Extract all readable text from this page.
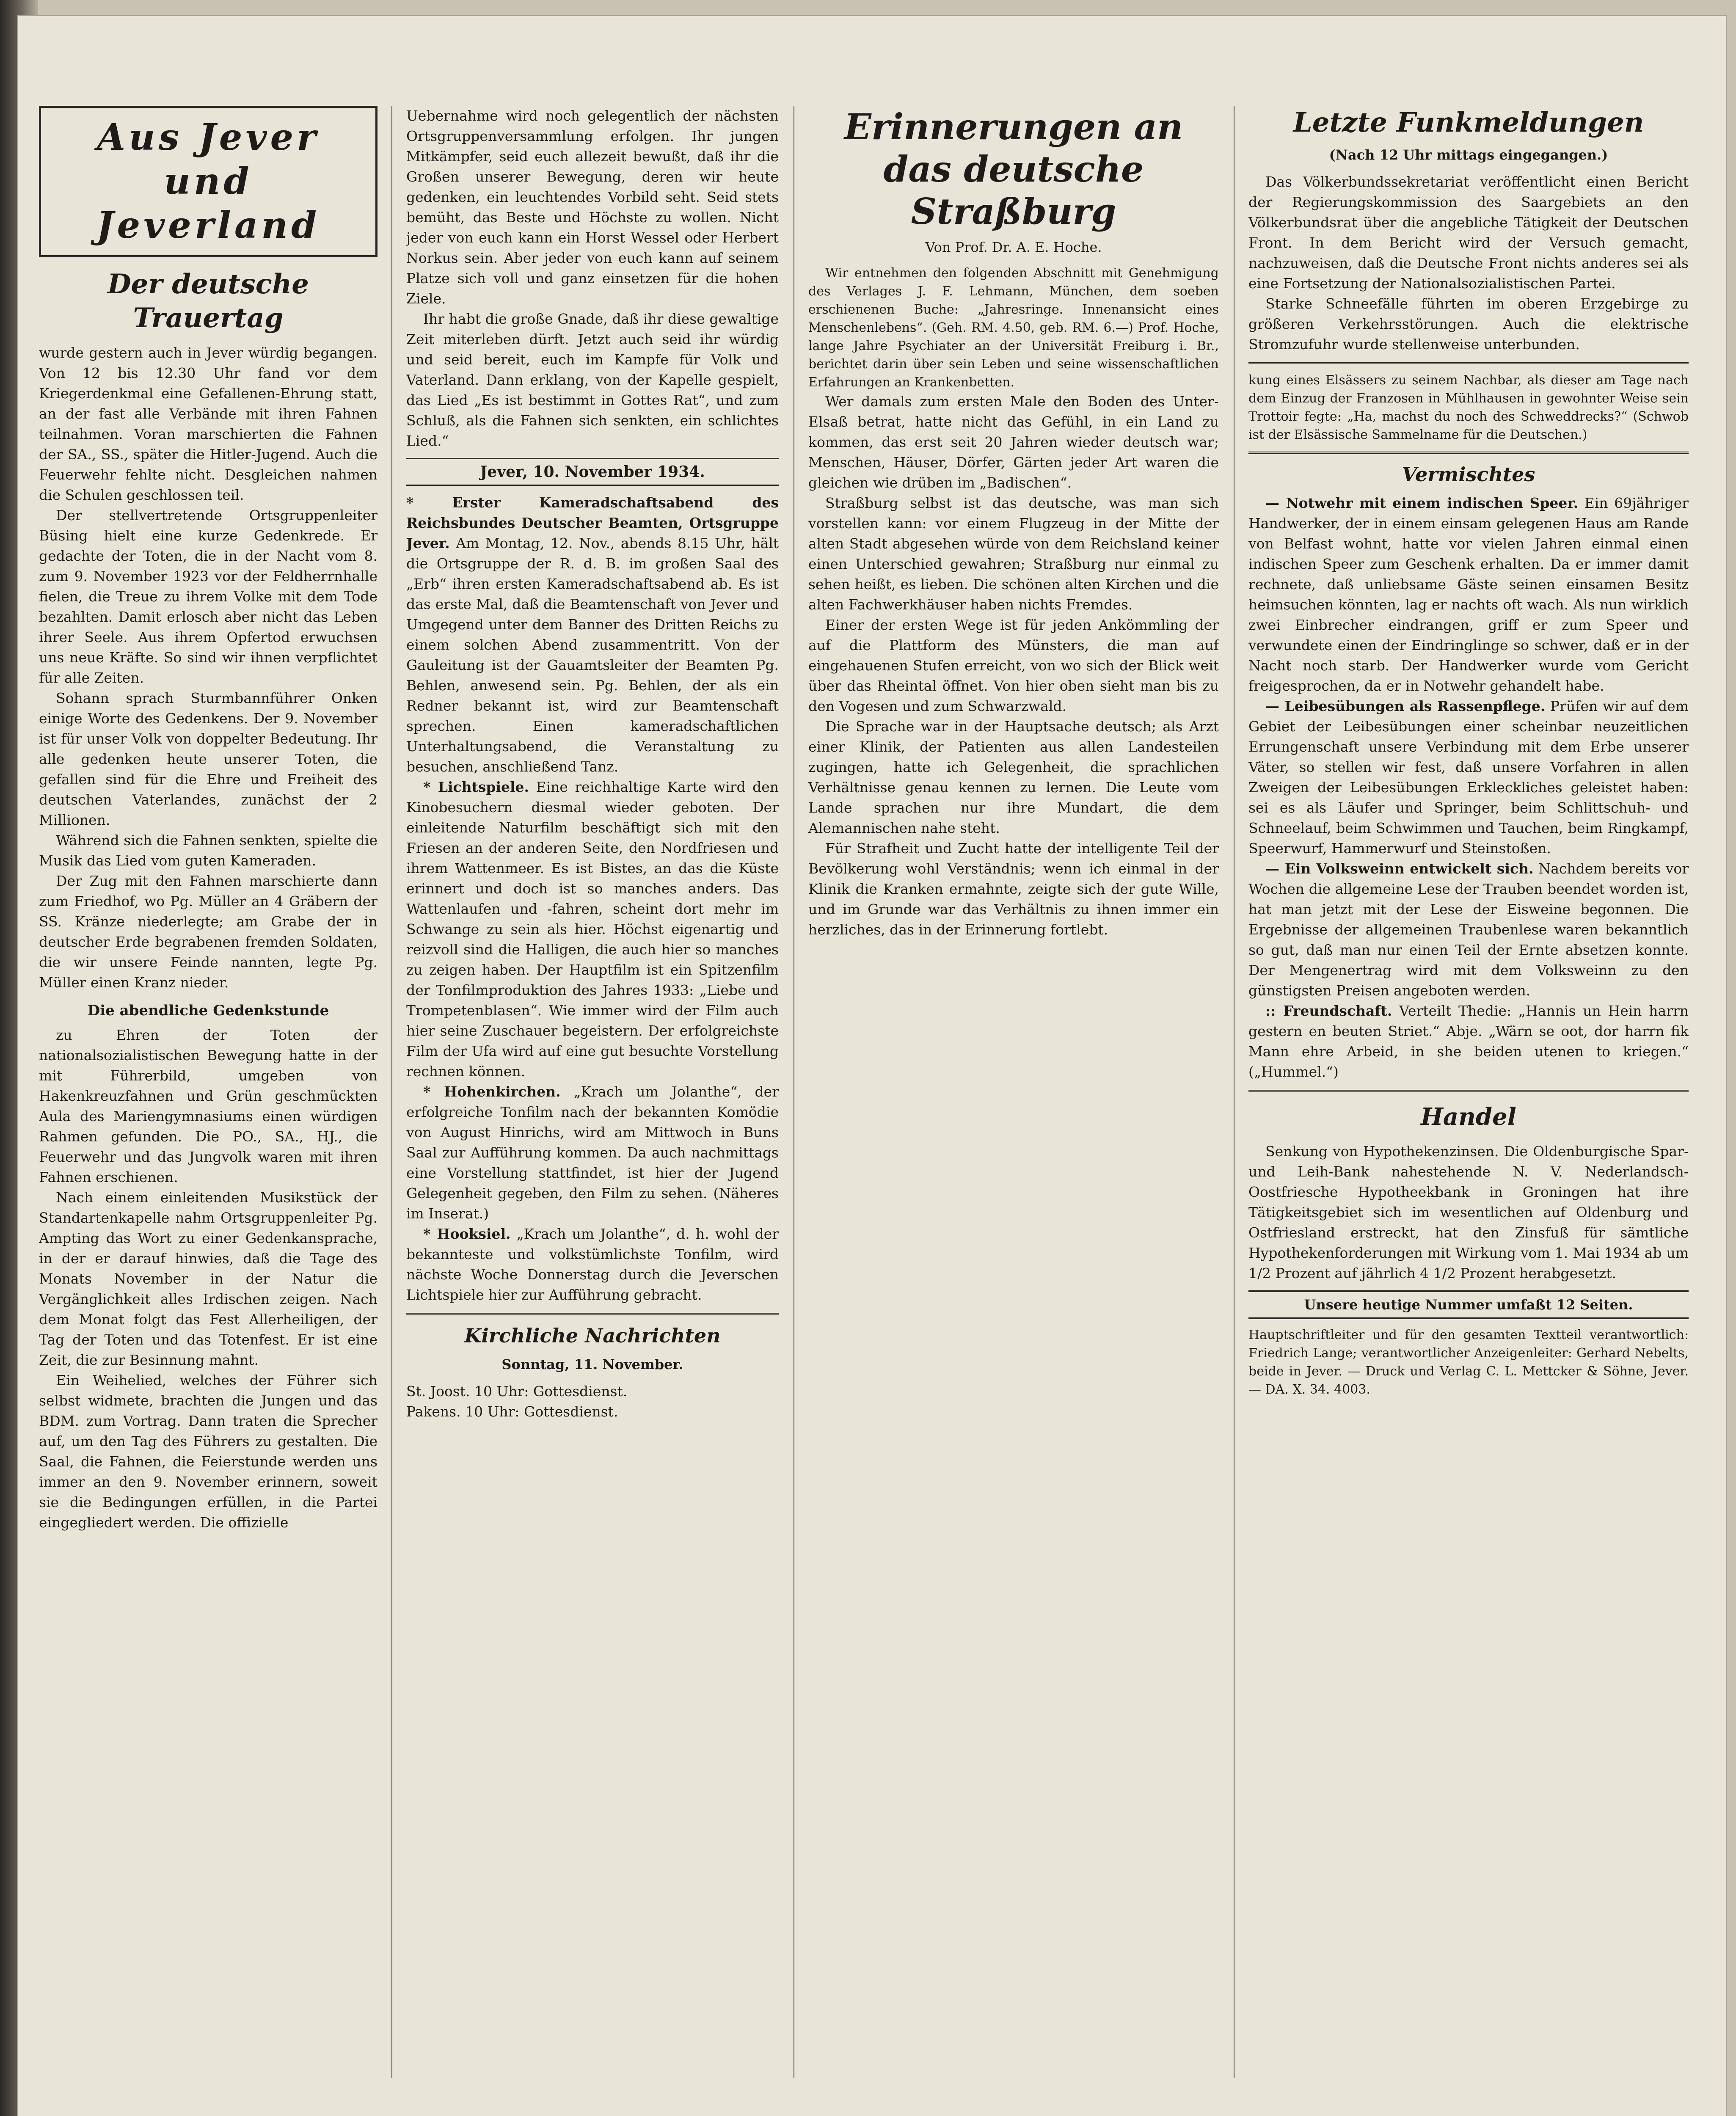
Aus Jever und Jeverland
Der deutsche Trauertag

wurde gestern auch in Jever würdig begangen. Von 12 bis 12.30 Uhr fand vor dem Kriegerdenkmal eine Gefallenen-Ehrung statt, an der fast alle Verbände mit ihren Fahnen teilnahmen. Voran marschierten die Fahnen der SA., SS., später die Hitler-Jugend. Auch die Feuerwehr fehlte nicht. Desgleichen nahmen die Schulen geschlossen teil.

Der stellvertretende Ortsgruppenleiter Büsing hielt eine kurze Gedenkrede. Er gedachte der Toten, die in der Nacht vom 8. zum 9. November 1923 vor der Feldherrnhalle fielen, die Treue zu ihrem Volke mit dem Tode bezahlten. Damit erlosch aber nicht das Leben ihrer Seele. Aus ihrem Opfertod erwuchsen uns neue Kräfte. So sind wir ihnen verpflichtet für alle Zeiten.

Sohann sprach Sturmbannführer Onken einige Worte des Gedenkens. Der 9. November ist für unser Volk von doppelter Bedeutung. Ihr alle gedenken heute unserer Toten, die gefallen sind für die Ehre und Freiheit des deutschen Vaterlandes, zunächst der 2 Millionen.

Während sich die Fahnen senkten, spielte die Musik das Lied vom guten Kameraden.

Der Zug mit den Fahnen marschierte dann zum Friedhof, wo Pg. Müller an 4 Gräbern der SS. Kränze niederlegte; am Grabe der in deutscher Erde begrabenen fremden Soldaten, die wir unsere Feinde nannten, legte Pg. Müller einen Kranz nieder.

Die abendliche Gedenkstunde

zu Ehren der Toten der nationalsozialistischen Bewegung hatte in der mit Führerbild, umgeben von Hakenkreuzfahnen und Grün geschmückten Aula des Mariengymnasiums einen würdigen Rahmen gefunden. Die PO., SA., HJ., die Feuerwehr und das Jungvolk waren mit ihren Fahnen erschienen.

Nach einem einleitenden Musikstück der Standartenkapelle nahm Ortsgruppenleiter Pg. Ampting das Wort zu einer Gedenkansprache, in der er darauf hinwies, daß die Tage des Monats November in der Natur die Vergänglichkeit alles Irdischen zeigen. Nach dem Monat folgt das Fest Allerheiligen, der Tag der Toten und das Totenfest. Er ist eine Zeit, die zur Besinnung mahnt.

Ein Weihelied, welches der Führer sich selbst widmete, brachten die Jungen und das BDM. zum Vortrag. Dann traten die Sprecher auf, um den Tag des Führers zu gestalten. Die Saal, die Fahnen, die Feierstunde werden uns immer an den 9. November erinnern, soweit sie die Bedingungen erfüllen, in die Partei eingegliedert werden. Die offizielle

Uebernahme wird noch gelegentlich der nächsten Ortsgruppenversammlung erfolgen. Ihr jungen Mitkämpfer, seid euch allezeit bewußt, daß ihr die Großen unserer Bewegung, deren wir heute gedenken, ein leuchtendes Vorbild seht. Seid stets bemüht, das Beste und Höchste zu wollen. Nicht jeder von euch kann ein Horst Wessel oder Herbert Norkus sein. Aber jeder von euch kann auf seinem Platze sich voll und ganz einsetzen für die hohen Ziele.

Ihr habt die große Gnade, daß ihr diese gewaltige Zeit miterleben dürft. Jetzt auch seid ihr würdig und seid bereit, euch im Kampfe für Volk und Vaterland. Dann erklang, von der Kapelle gespielt, das Lied „Es ist bestimmt in Gottes Rat“, und zum Schluß, als die Fahnen sich senkten, ein schlichtes Lied.“

Jever, 10. November 1934.

* Erster Kameradschaftsabend des Reichsbundes Deutscher Beamten, Ortsgruppe Jever. Am Montag, 12. Nov., abends 8.15 Uhr, hält die Ortsgruppe der R. d. B. im großen Saal des „Erb“ ihren ersten Kameradschaftsabend ab. Es ist das erste Mal, daß die Beamtenschaft von Jever und Umgegend unter dem Banner des Dritten Reichs zu einem solchen Abend zusammentritt. Von der Gauleitung ist der Gauamtsleiter der Beamten Pg. Behlen, anwesend sein. Pg. Behlen, der als ein Redner bekannt ist, wird zur Beamtenschaft sprechen. Einen kameradschaftlichen Unterhaltungsabend, die Veranstaltung zu besuchen, anschließend Tanz.

* Lichtspiele. Eine reichhaltige Karte wird den Kinobesuchern diesmal wieder geboten. Der einleitende Naturfilm beschäftigt sich mit den Friesen an der anderen Seite, den Nordfriesen und ihrem Wattenmeer. Es ist Bistes, an das die Küste erinnert und doch ist so manches anders. Das Wattenlaufen und -fahren, scheint dort mehr im Schwange zu sein als hier. Höchst eigenartig und reizvoll sind die Halligen, die auch hier so manches zu zeigen haben. Der Hauptfilm ist ein Spitzenfilm der Tonfilmproduktion des Jahres 1933: „Liebe und Trompetenblasen“. Wie immer wird der Film auch hier seine Zuschauer begeistern. Der erfolgreichste Film der Ufa wird auf eine gut besuchte Vorstellung rechnen können.

* Hohenkirchen. „Krach um Jolanthe“, der erfolgreiche Tonfilm nach der bekannten Komödie von August Hinrichs, wird am Mittwoch in Buns Saal zur Aufführung kommen. Da auch nachmittags eine Vorstellung stattfindet, ist hier der Jugend Gelegenheit gegeben, den Film zu sehen. (Näheres im Inserat.)

* Hooksiel. „Krach um Jolanthe“, d. h. wohl der bekannteste und volkstümlichste Tonfilm, wird nächste Woche Donnerstag durch die Jeverschen Lichtspiele hier zur Aufführung gebracht.

Kirchliche Nachrichten
Sonntag, 11. November.

St. Joost. 10 Uhr: Gottesdienst.

Pakens. 10 Uhr: Gottesdienst.

Erinnerungen an das deutsche Straßburg
Von Prof. Dr. A. E. Hoche.

Wir entnehmen den folgenden Abschnitt mit Genehmigung des Verlages J. F. Lehmann, München, dem soeben erschienenen Buche: „Jahresringe. Innenansicht eines Menschenlebens“. (Geh. RM. 4.50, geb. RM. 6.—) Prof. Hoche, lange Jahre Psychiater an der Universität Freiburg i. Br., berichtet darin über sein Leben und seine wissenschaftlichen Erfahrungen an Krankenbetten.

Wer damals zum ersten Male den Boden des Unter-Elsaß betrat, hatte nicht das Gefühl, in ein Land zu kommen, das erst seit 20 Jahren wieder deutsch war; Menschen, Häuser, Dörfer, Gärten jeder Art waren die gleichen wie drüben im „Badischen“.

Straßburg selbst ist das deutsche, was man sich vorstellen kann: vor einem Flugzeug in der Mitte der alten Stadt abgesehen würde von dem Reichsland keiner einen Unterschied gewahren; Straßburg nur einmal zu sehen heißt, es lieben. Die schönen alten Kirchen und die alten Fachwerkhäuser haben nichts Fremdes.

Einer der ersten Wege ist für jeden Ankömmling der auf die Plattform des Münsters, die man auf eingehauenen Stufen erreicht, von wo sich der Blick weit über das Rheintal öffnet. Von hier oben sieht man bis zu den Vogesen und zum Schwarzwald.

Die Sprache war in der Hauptsache deutsch; als Arzt einer Klinik, der Patienten aus allen Landesteilen zugingen, hatte ich Gelegenheit, die sprachlichen Verhältnisse genau kennen zu lernen. Die Leute vom Lande sprachen nur ihre Mundart, die dem Alemannischen nahe steht.

Für Strafheit und Zucht hatte der intelligente Teil der Bevölkerung wohl Verständnis; wenn ich einmal in der Klinik die Kranken ermahnte, zeigte sich der gute Wille, und im Grunde war das Verhältnis zu ihnen immer ein herzliches, das in der Erinnerung fortlebt.

Letzte Funkmeldungen
(Nach 12 Uhr mittags eingegangen.)

Das Völkerbundssekretariat veröffentlicht einen Bericht der Regierungskommission des Saargebiets an den Völkerbundsrat über die angebliche Tätigkeit der Deutschen Front. In dem Bericht wird der Versuch gemacht, nachzuweisen, daß die Deutsche Front nichts anderes sei als eine Fortsetzung der Nationalsozialistischen Partei.

Starke Schneefälle führten im oberen Erzgebirge zu größeren Verkehrsstörungen. Auch die elektrische Stromzufuhr wurde stellenweise unterbunden.

kung eines Elsässers zu seinem Nachbar, als dieser am Tage nach dem Einzug der Franzosen in Mühlhausen in gewohnter Weise sein Trottoir fegte: „Ha, machst du noch des Schweddrecks?“ (Schwob ist der Elsässische Sammelname für die Deutschen.)

Vermischtes

— Notwehr mit einem indischen Speer. Ein 69jähriger Handwerker, der in einem einsam gelegenen Haus am Rande von Belfast wohnt, hatte vor vielen Jahren einmal einen indischen Speer zum Geschenk erhalten. Da er immer damit rechnete, daß unliebsame Gäste seinen einsamen Besitz heimsuchen könnten, lag er nachts oft wach. Als nun wirklich zwei Einbrecher eindrangen, griff er zum Speer und verwundete einen der Eindringlinge so schwer, daß er in der Nacht noch starb. Der Handwerker wurde vom Gericht freigesprochen, da er in Notwehr gehandelt habe.

— Leibesübungen als Rassenpflege. Prüfen wir auf dem Gebiet der Leibesübungen einer scheinbar neuzeitlichen Errungenschaft unsere Verbindung mit dem Erbe unserer Väter, so stellen wir fest, daß unsere Vorfahren in allen Zweigen der Leibesübungen Erkleckliches geleistet haben: sei es als Läufer und Springer, beim Schlittschuh- und Schneelauf, beim Schwimmen und Tauchen, beim Ringkampf, Speerwurf, Hammerwurf und Steinstoßen.

— Ein Volksweinn entwickelt sich. Nachdem bereits vor Wochen die allgemeine Lese der Trauben beendet worden ist, hat man jetzt mit der Lese der Eisweine begonnen. Die Ergebnisse der allgemeinen Traubenlese waren bekanntlich so gut, daß man nur einen Teil der Ernte absetzen konnte. Der Mengenertrag wird mit dem Volksweinn zu den günstigsten Preisen angeboten werden.

:: Freundschaft. Verteilt Thedie: „Hannis un Hein harrn gestern en beuten Striet.“ Abje. „Wärn se oot, dor harrn fik Mann ehre Arbeid, in she beiden utenen to kriegen.“ („Hummel.“)

Handel

Senkung von Hypothekenzinsen. Die Oldenburgische Spar- und Leih-Bank nahestehende N. V. Nederlandsch-Oostfriesche Hypotheekbank in Groningen hat ihre Tätigkeitsgebiet sich im wesentlichen auf Oldenburg und Ostfriesland erstreckt, hat den Zinsfuß für sämtliche Hypothekenforderungen mit Wirkung vom 1. Mai 1934 ab um 1/2 Prozent auf jährlich 4 1/2 Prozent herabgesetzt.

Unsere heutige Nummer umfaßt 12 Seiten.

Hauptschriftleiter und für den gesamten Textteil verantwortlich: Friedrich Lange; verantwortlicher Anzeigenleiter: Gerhard Nebelts, beide in Jever. — Druck und Verlag C. L. Mettcker & Söhne, Jever. — DA. X. 34. 4003.
